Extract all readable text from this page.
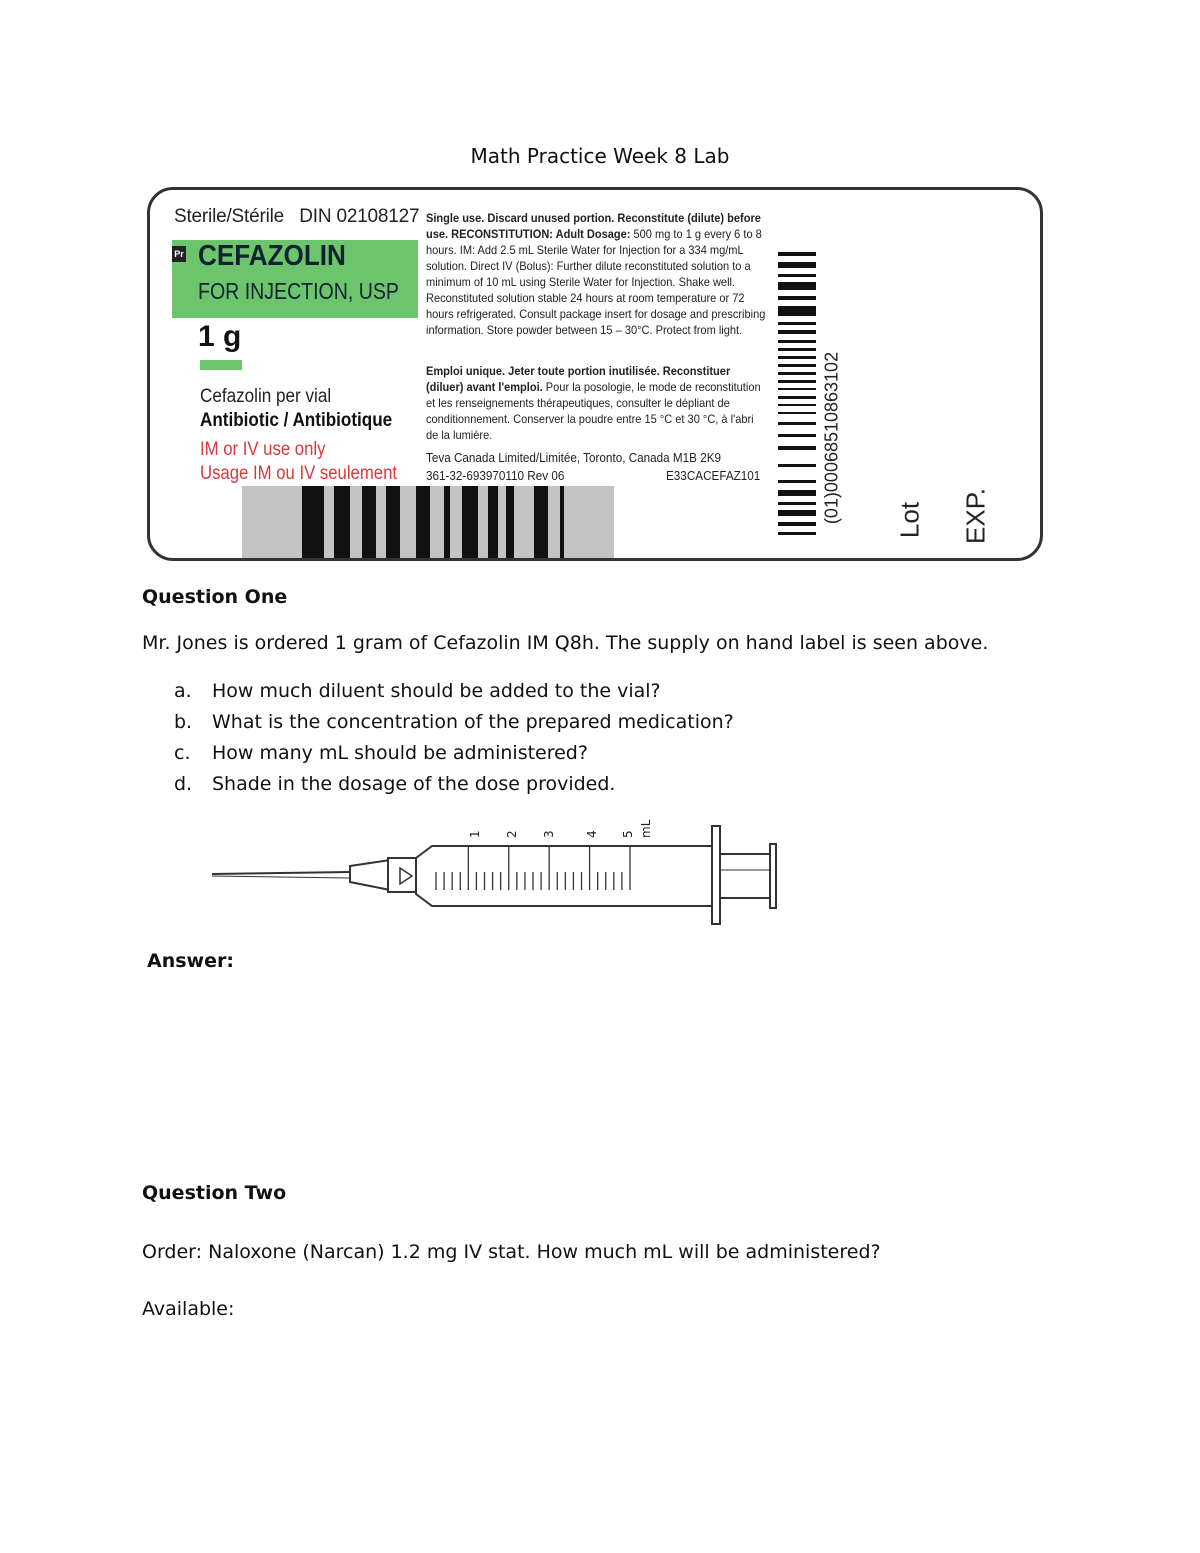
Math Practice Week 8 Lab
Sterile/Stérile DIN 02108127
Pr CEFAZOLIN
FOR INJECTION, USP
1 g
Cefazolin per vial
Antibiotic / Antibiotique
IM or IV use only
Usage IM ou IV seulement
Single use. Discard unused portion. Reconstitute (dilute) before use. RECONSTITUTION: Adult Dosage: 500 mg to 1 g every 6 to 8 hours. IM: Add 2.5 mL Sterile Water for Injection for a 334 mg/mL solution. Direct IV (Bolus): Further dilute reconstituted solution to a minimum of 10 mL using Sterile Water for Injection. Shake well. Reconstituted solution stable 24 hours at room temperature or 72 hours refrigerated. Consult package insert for dosage and prescribing information. Store powder between 15 – 30°C. Protect from light.
Emploi unique. Jeter toute portion inutilisée. Reconstituer (diluer) avant l'emploi. Pour la posologie, le mode de reconstitution et les renseignements thérapeutiques, consulter le dépliant de conditionnement. Conserver la poudre entre 15 °C et 30 °C, à l'abri de la lumière.
Teva Canada Limited/Limitée, Toronto, Canada M1B 2K9
361-32-693970110 Rev 06	E33CACEFAZ101	(01)00068510863102 Lot EXP.
Question One
Mr. Jones is ordered 1 gram of Cefazolin IM Q8h. The supply on hand label is seen above.
a. How much diluent should be added to the vial?
b. What is the concentration of the prepared medication?
c. How many mL should be administered?
d. Shade in the dosage of the dose provided.
1 2 3 4 5 mL
Answer:
Question Two
Order: Naloxone (Narcan) 1.2 mg IV stat. How much mL will be administered?
Available:
